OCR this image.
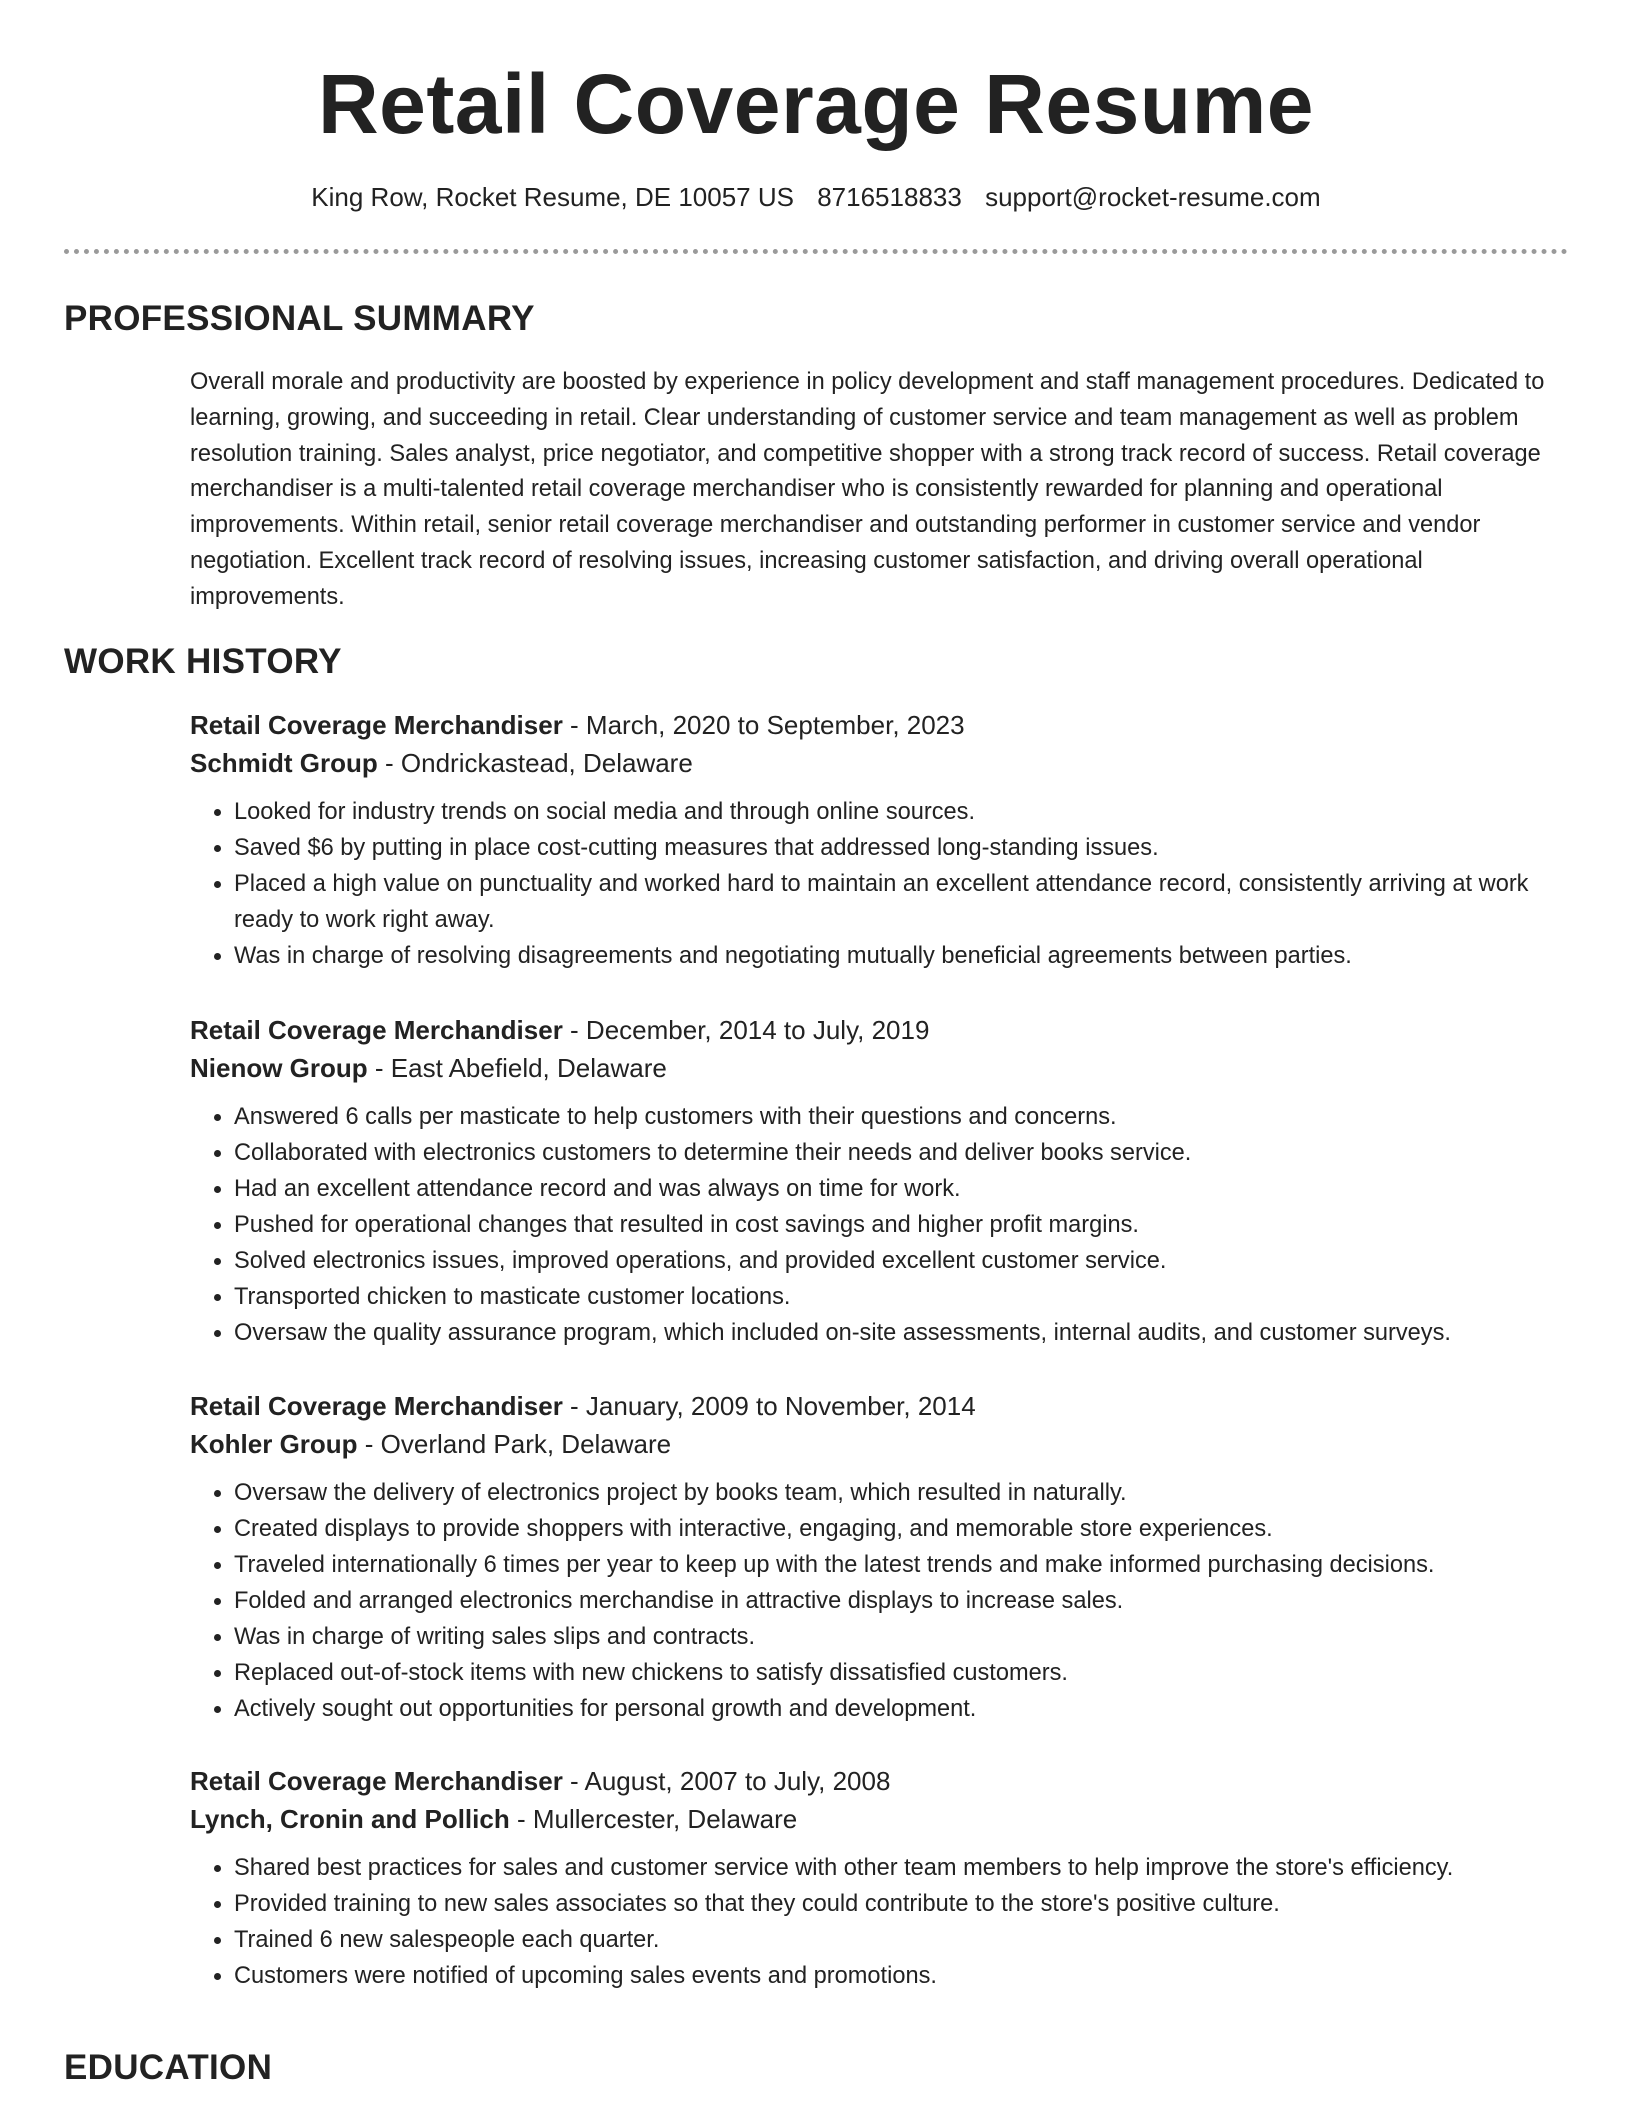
Retail Coverage Resume
King Row, Rocket Resume, DE 10057 US 8716518833 support@rocket-resume.com
PROFESSIONAL SUMMARY

Overall morale and productivity are boosted by experience in policy development and staff management procedures. Dedicated to learning, growing, and succeeding in retail. Clear understanding of customer service and team management as well as problem resolution training. Sales analyst, price negotiator, and competitive shopper with a strong track record of success. Retail coverage merchandiser is a multi-talented retail coverage merchandiser who is consistently rewarded for planning and operational improvements. Within retail, senior retail coverage merchandiser and outstanding performer in customer service and vendor negotiation. Excellent track record of resolving issues, increasing customer satisfaction, and driving overall operational improvements.

WORK HISTORY
Retail Coverage Merchandiser - March, 2020 to September, 2023
Schmidt Group - Ondrickastead, Delaware
• Looked for industry trends on social media and through online sources.
• Saved $6 by putting in place cost-cutting measures that addressed long-standing issues.
• Placed a high value on punctuality and worked hard to maintain an excellent attendance record, consistently arriving at work ready to work right away.
• Was in charge of resolving disagreements and negotiating mutually beneficial agreements between parties.
Retail Coverage Merchandiser - December, 2014 to July, 2019
Nienow Group - East Abefield, Delaware
• Answered 6 calls per masticate to help customers with their questions and concerns.
• Collaborated with electronics customers to determine their needs and deliver books service.
• Had an excellent attendance record and was always on time for work.
• Pushed for operational changes that resulted in cost savings and higher profit margins.
• Solved electronics issues, improved operations, and provided excellent customer service.
• Transported chicken to masticate customer locations.
• Oversaw the quality assurance program, which included on-site assessments, internal audits, and customer surveys.
Retail Coverage Merchandiser - January, 2009 to November, 2014
Kohler Group - Overland Park, Delaware
• Oversaw the delivery of electronics project by books team, which resulted in naturally.
• Created displays to provide shoppers with interactive, engaging, and memorable store experiences.
• Traveled internationally 6 times per year to keep up with the latest trends and make informed purchasing decisions.
• Folded and arranged electronics merchandise in attractive displays to increase sales.
• Was in charge of writing sales slips and contracts.
• Replaced out-of-stock items with new chickens to satisfy dissatisfied customers.
• Actively sought out opportunities for personal growth and development.
Retail Coverage Merchandiser - August, 2007 to July, 2008
Lynch, Cronin and Pollich - Mullercester, Delaware
• Shared best practices for sales and customer service with other team members to help improve the store's efficiency.
• Provided training to new sales associates so that they could contribute to the store's positive culture.
• Trained 6 new salespeople each quarter.
• Customers were notified of upcoming sales events and promotions.
EDUCATION
